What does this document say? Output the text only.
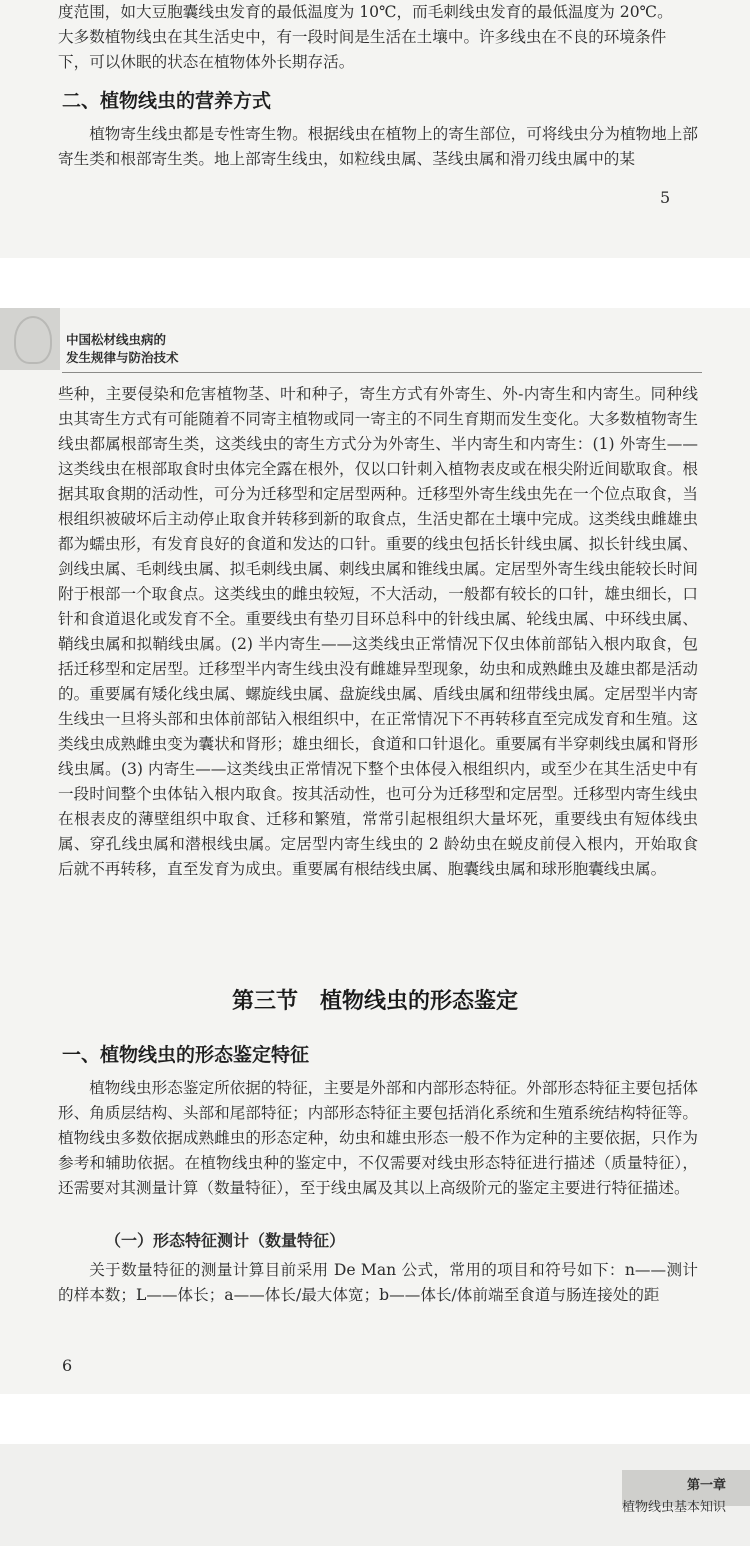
度范围，如大豆胞囊线虫发育的最低温度为 10℃，而毛刺线虫发育的最低温度为 20℃。

大多数植物线虫在其生活史中，有一段时间是生活在土壤中。许多线虫在不良的环境条件

下，可以休眠的状态在植物体外长期存活。

二、植物线虫的营养方式

植物寄生线虫都是专性寄生物。根据线虫在植物上的寄生部位，可将线虫分为植物地上部寄生类和根部寄生类。地上部寄生线虫，如粒线虫属、茎线虫属和滑刃线虫属中的某

5
中国松材线虫病的
发生规律与防治技术

些种，主要侵染和危害植物茎、叶和种子，寄生方式有外寄生、外-内寄生和内寄生。同种线虫其寄生方式有可能随着不同寄主植物或同一寄主的不同生育期而发生变化。大多数植物寄生线虫都属根部寄生类，这类线虫的寄生方式分为外寄生、半内寄生和内寄生：(1) 外寄生——这类线虫在根部取食时虫体完全露在根外，仅以口针刺入植物表皮或在根尖附近间歇取食。根据其取食期的活动性，可分为迁移型和定居型两种。迁移型外寄生线虫先在一个位点取食，当根组织被破坏后主动停止取食并转移到新的取食点，生活史都在土壤中完成。这类线虫雌雄虫都为蠕虫形，有发育良好的食道和发达的口针。重要的线虫包括长针线虫属、拟长针线虫属、剑线虫属、毛刺线虫属、拟毛刺线虫属、刺线虫属和锥线虫属。定居型外寄生线虫能较长时间附于根部一个取食点。这类线虫的雌虫较短，不大活动，一般都有较长的口针，雄虫细长，口针和食道退化或发育不全。重要线虫有垫刃目环总科中的针线虫属、轮线虫属、中环线虫属、鞘线虫属和拟鞘线虫属。(2) 半内寄生——这类线虫正常情况下仅虫体前部钻入根内取食，包括迁移型和定居型。迁移型半内寄生线虫没有雌雄异型现象，幼虫和成熟雌虫及雄虫都是活动的。重要属有矮化线虫属、螺旋线虫属、盘旋线虫属、盾线虫属和纽带线虫属。定居型半内寄生线虫一旦将头部和虫体前部钻入根组织中，在正常情况下不再转移直至完成发育和生殖。这类线虫成熟雌虫变为囊状和肾形；雄虫细长，食道和口针退化。重要属有半穿刺线虫属和肾形线虫属。(3) 内寄生——这类线虫正常情况下整个虫体侵入根组织内，或至少在其生活史中有一段时间整个虫体钻入根内取食。按其活动性，也可分为迁移型和定居型。迁移型内寄生线虫在根表皮的薄壁组织中取食、迁移和繁殖，常常引起根组织大量坏死，重要线虫有短体线虫属、穿孔线虫属和潜根线虫属。定居型内寄生线虫的 2 龄幼虫在蜕皮前侵入根内，开始取食后就不再转移，直至发育为成虫。重要属有根结线虫属、胞囊线虫属和球形胞囊线虫属。

第三节　植物线虫的形态鉴定
一、植物线虫的形态鉴定特征

植物线虫形态鉴定所依据的特征，主要是外部和内部形态特征。外部形态特征主要包括体形、角质层结构、头部和尾部特征；内部形态特征主要包括消化系统和生殖系统结构特征等。植物线虫多数依据成熟雌虫的形态定种，幼虫和雄虫形态一般不作为定种的主要依据，只作为参考和辅助依据。在植物线虫种的鉴定中，不仅需要对线虫形态特征进行描述（质量特征），还需要对其测量计算（数量特征），至于线虫属及其以上高级阶元的鉴定主要进行特征描述。

（一）形态特征测计（数量特征）

关于数量特征的测量计算目前采用 De Man 公式，常用的项目和符号如下：n——测计的样本数；L——体长；a——体长/最大体宽；b——体长/体前端至食道与肠连接处的距

6
第一章
植物线虫基本知识
